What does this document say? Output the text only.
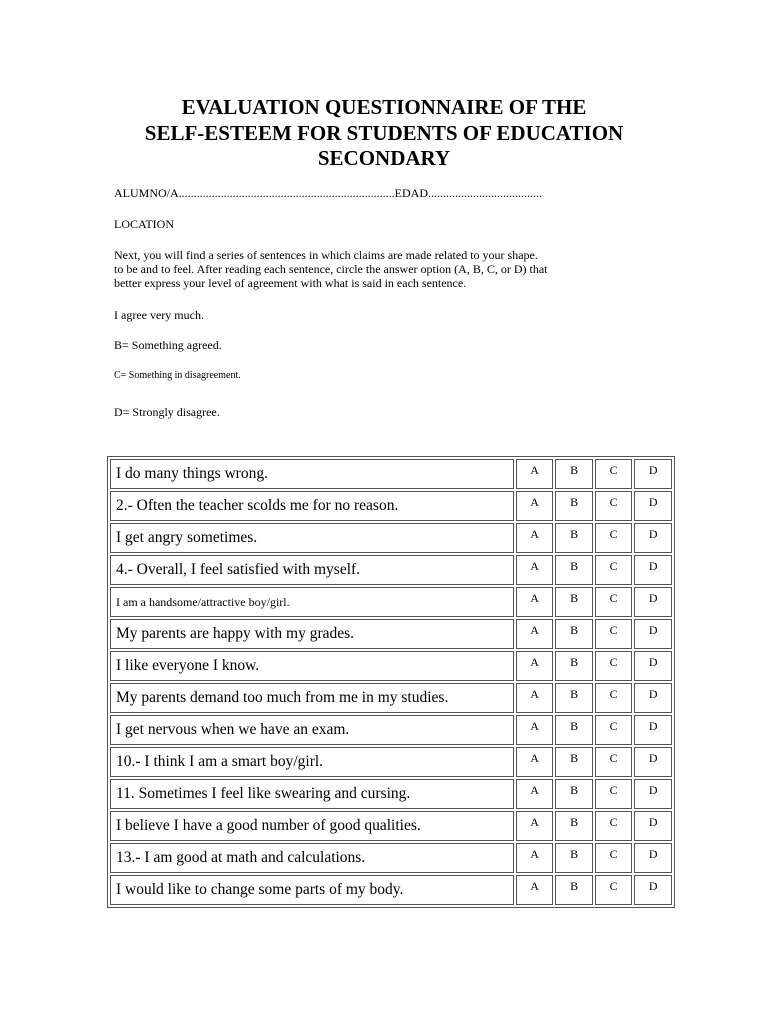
EVALUATION QUESTIONNAIRE OF THE
SELF-ESTEEM FOR STUDENTS OF EDUCATION
SECONDARY
ALUMNO/A........................................................................EDAD......................................
LOCATION
Next, you will find a series of sentences in which claims are made related to your shape.
to be and to feel. After reading each sentence, circle the answer option (A, B, C, or D) that
better express your level of agreement with what is said in each sentence.
I agree very much.
B= Something agreed.
C= Something in disagreement.
D= Strongly disagree.
I do many things wrong.	A	B	C	D
2.- Often the teacher scolds me for no reason.	A	B	C	D
I get angry sometimes.	A	B	C	D
4.- Overall, I feel satisfied with myself.	A	B	C	D
I am a handsome/attractive boy/girl.	A	B	C	D
My parents are happy with my grades.	A	B	C	D
I like everyone I know.	A	B	C	D
My parents demand too much from me in my studies.	A	B	C	D
I get nervous when we have an exam.	A	B	C	D
10.- I think I am a smart boy/girl.	A	B	C	D
11. Sometimes I feel like swearing and cursing.	A	B	C	D
I believe I have a good number of good qualities.	A	B	C	D
13.- I am good at math and calculations.	A	B	C	D
I would like to change some parts of my body.	A	B	C	D
